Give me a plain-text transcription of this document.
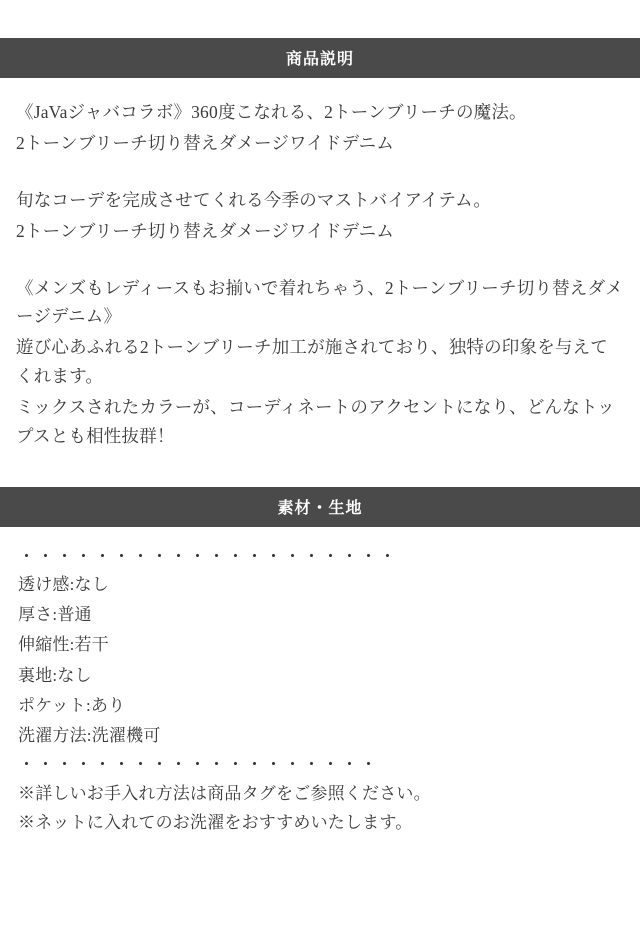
商品説明

《JaVaジャバコラボ》360度こなれる、2トーンブリーチの魔法。

2トーンブリーチ切り替えダメージワイドデニム

旬なコーデを完成させてくれる今季のマストバイアイテム。

2トーンブリーチ切り替えダメージワイドデニム

《メンズもレディースもお揃いで着れちゃう、2トーンブリーチ切り替えダメージデニム》

遊び心あふれる2トーンブリーチ加工が施されており、独特の印象を与えてくれます。

ミックスされたカラーが、コーディネートのアクセントになり、どんなトップスとも相性抜群！

素材・生地
・・・・・・・・・・・・・・・・・・・・
透け感:なし
厚さ:普通
伸縮性:若干
裏地:なし
ポケット:あり
洗濯方法:洗濯機可
・・・・・・・・・・・・・・・・・・・
※詳しいお手入れ方法は商品タグをご参照ください。
※ネットに入れてのお洗濯をおすすめいたします。
